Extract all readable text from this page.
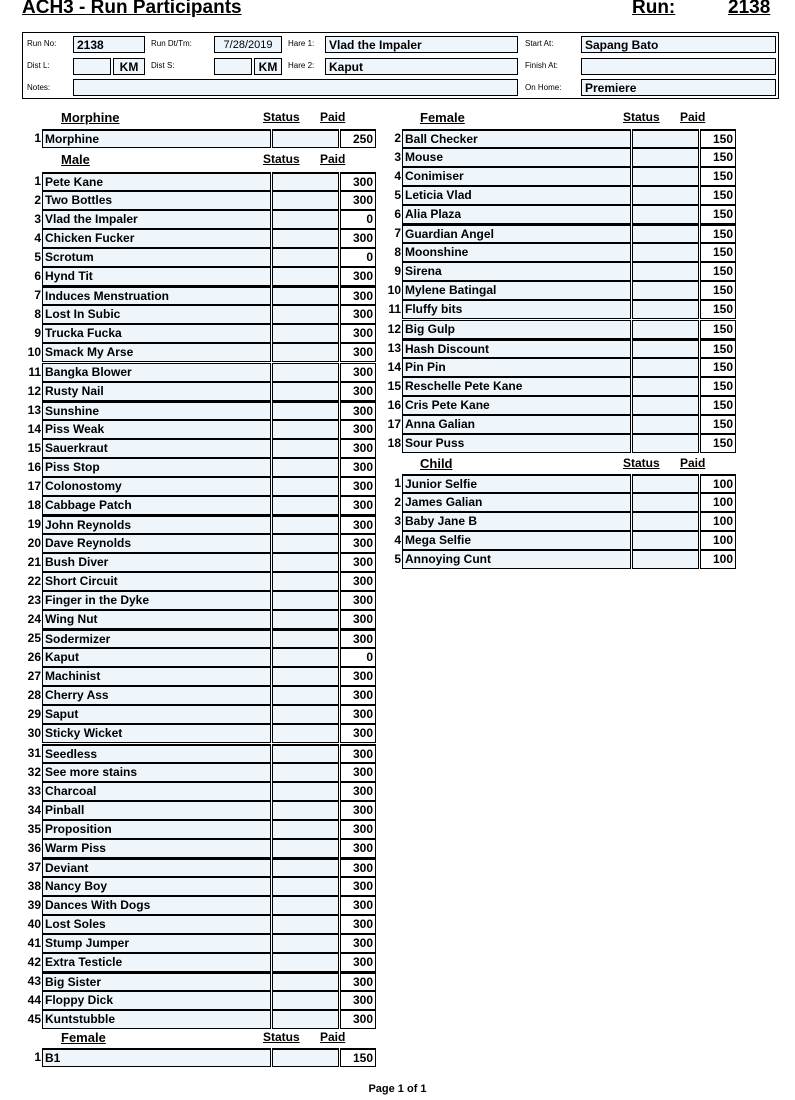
ACH3 - Run Participants	Run:	2138
Run No:	2138	Run Dt/Tm:	7/28/2019	Hare 1:	Vlad the Impaler	Start At:	Sapang Bato
Dist L:	KM	Dist S:	KM	Hare 2:	Kaput	Finish At:
Notes:	On Home:	Premiere
Morphine	Status Paid
Male	Status Paid
Female	Status Paid
Female	Status Paid
Child	Status Paid
1 Morphine	250
1 Pete Kane	300
2 Two Bottles	300
3 Vlad the Impaler	0
4 Chicken Fucker	300
5 Scrotum	0
6 Hynd Tit	300
7 Induces Menstruation	300
8 Lost In Subic	300
9 Trucka Fucka	300
10 Smack My Arse	300
11 Bangka Blower	300
12 Rusty Nail	300
13 Sunshine	300
14 Piss Weak	300
15 Sauerkraut	300
16 Piss Stop	300
17 Colonostomy	300
18 Cabbage Patch	300
19 John Reynolds	300
20 Dave Reynolds	300
21 Bush Diver	300
22 Short Circuit	300
23 Finger in the Dyke	300
24 Wing Nut	300
25 Sodermizer	300
26 Kaput	0
27 Machinist	300
28 Cherry Ass	300
29 Saput	300
30 Sticky Wicket	300
31 Seedless	300
32 See more stains	300
33 Charcoal	300
34 Pinball	300
35 Proposition	300
36 Warm Piss	300
37 Deviant	300
38 Nancy Boy	300
39 Dances With Dogs	300
40 Lost Soles	300
41 Stump Jumper	300
42 Extra Testicle	300
43 Big Sister	300
44 Floppy Dick	300
45 Kuntstubble	300
1 B1	150
2 Ball Checker	150
3 Mouse	150
4 Conimiser	150
5 Leticia Vlad	150
6 Alia Plaza	150
7 Guardian Angel	150
8 Moonshine	150
9 Sirena	150
10 Mylene Batingal	150
11 Fluffy bits	150
12 Big Gulp	150
13 Hash Discount	150
14 Pin Pin	150
15 Reschelle Pete Kane	150
16 Cris Pete Kane	150
17 Anna Galian	150
18 Sour Puss	150
1 Junior Selfie	100
2 James Galian	100
3 Baby Jane B	100
4 Mega Selfie	100
5 Annoying Cunt	100
Page 1 of 1
